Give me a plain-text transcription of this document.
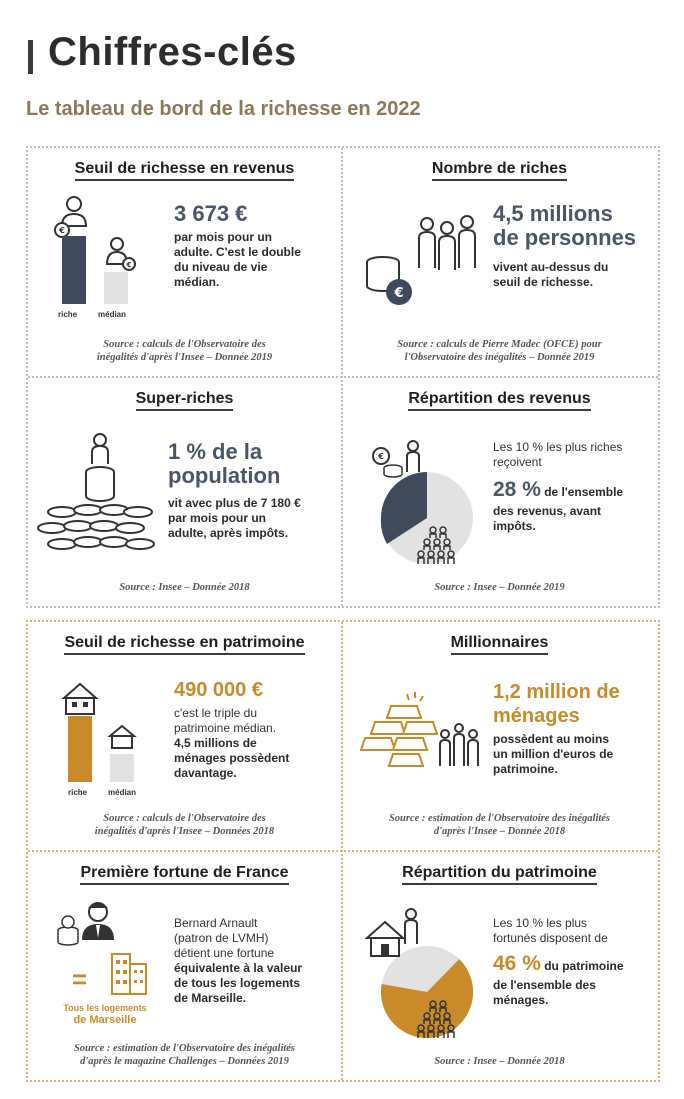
Chiffres-clés
Le tableau de bord de la richesse en 2022
Seuil de richesse en revenus
€
€
riche	médian
3 673 €
par mois pour un
adulte. C'est le double
du niveau de vie
médian.
Source : calculs de l'Observatoire des
inégalités d'après l'Insee – Donnée 2019
Nombre de riches
€
4,5 millions
de personnes
vivent au-dessus du
seuil de richesse.
Source : calculs de Pierre Madec (OFCE) pour
l'Observatoire des inégalités – Donnée 2019
Super-riches
1 % de la
population
vit avec plus de 7 180 €
par mois pour un
adulte, après impôts.
Source : Insee – Donnée 2018
Répartition des revenus
€
Les 10 % les plus riches
reçoivent
28 % de l'ensemble
des revenus, avant
impôts.
Source : Insee – Donnée 2019
Seuil de richesse en patrimoine
riche	médian
490 000 €
c'est le triple du
patrimoine médian.
4,5 millions de
ménages possèdent
davantage.
Source : calculs de l'Observatoire des
inégalités d'après l'Insee – Données 2018
Millionnaires
1,2 million de
ménages
possèdent au moins
un million d'euros de
patrimoine.
Source : estimation de l'Observatoire des inégalités
d'après l'Insee – Donnée 2018
Première fortune de France
=
Tous les logements
de Marseille
Bernard Arnault
(patron de LVMH)
détient une fortune
équivalente à la valeur
de tous les logements
de Marseille.
Source : estimation de l'Observatoire des inégalités
d'après le magazine Challenges – Données 2019
Répartition du patrimoine
Les 10 % les plus
fortunés disposent de
46 % du patrimoine
de l'ensemble des
ménages.
Source : Insee – Donnée 2018
